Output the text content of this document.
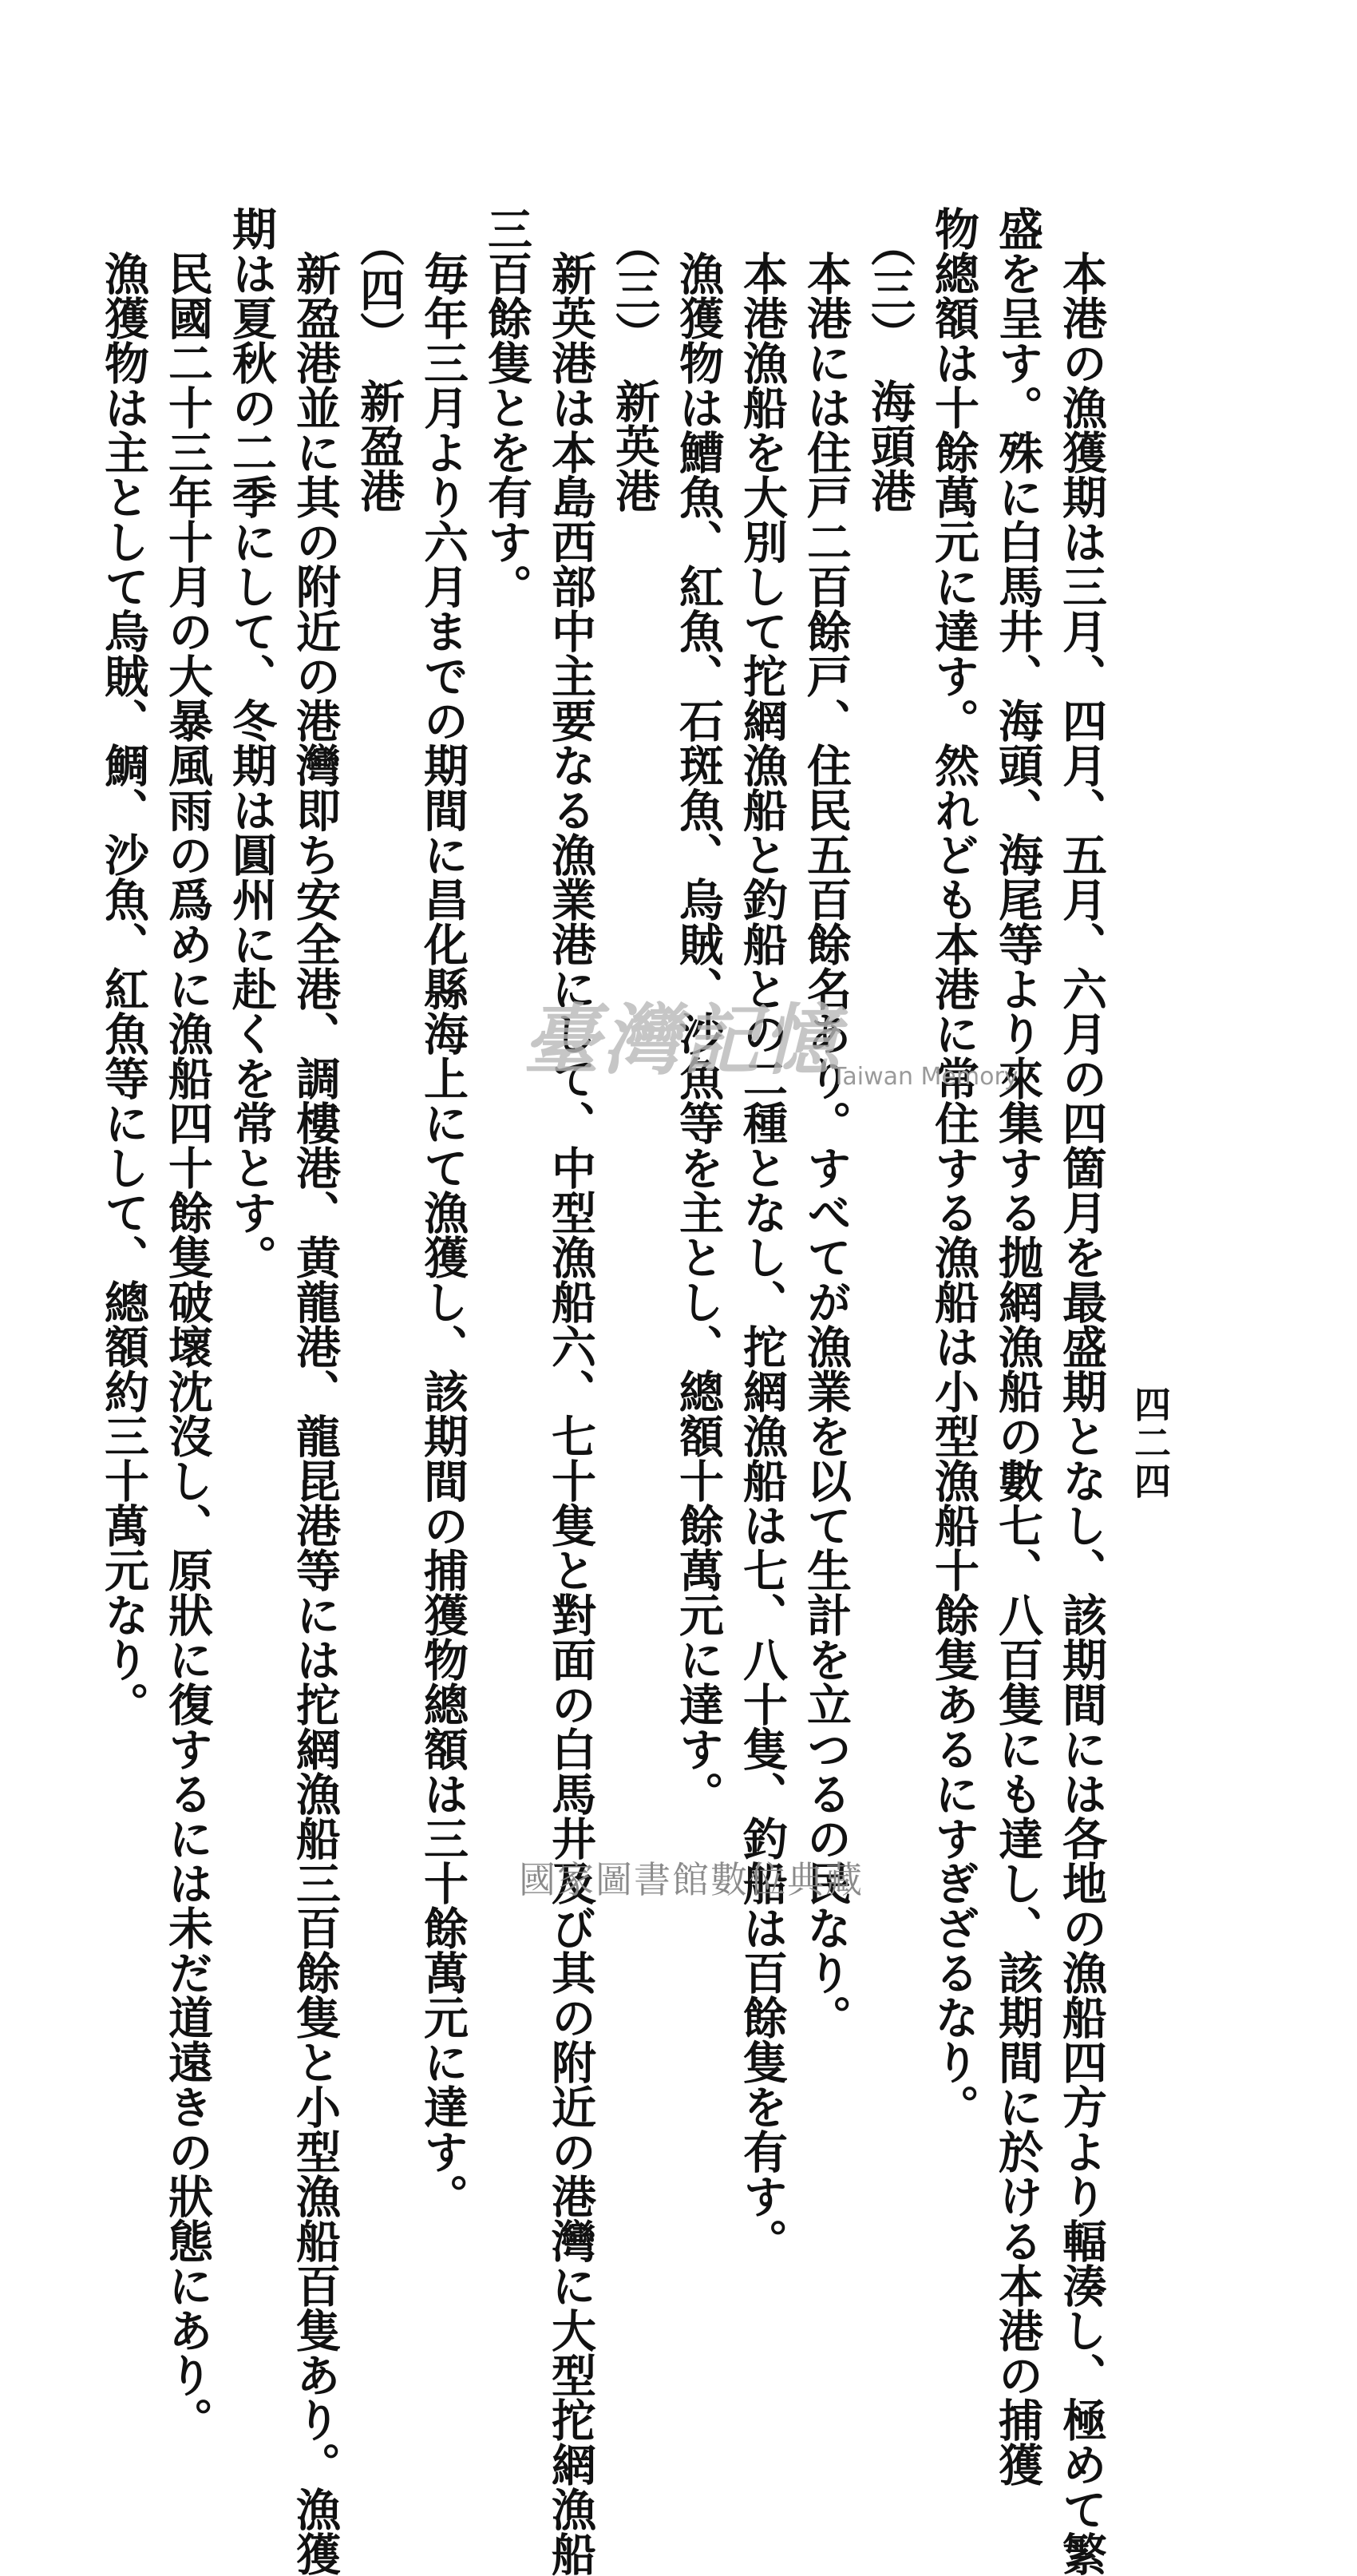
四二四
本港の漁獲期は三月、四月、五月、六月の四箇月を最盛期となし、該期間には各地の漁船四方より輻湊し、極めて繁
盛を呈す。殊に白馬井、海頭、海尾等より來集する抛網漁船の數七、八百隻にも達し、該期間に於ける本港の捕獲
物總額は十餘萬元に達す。然れども本港に常住する漁船は小型漁船十餘隻あるにすぎざるなり。
（三）　海頭港
本港には住戸二百餘戸、住民五百餘名あり。すべてが漁業を以て生計を立つるの民なり。
本港漁船を大別して拕網漁船と釣船との二種となし、拕網漁船は七、八十隻、釣船は百餘隻を有す。
漁獲物は鰽魚、紅魚、石斑魚、烏賊、沙魚等を主とし、總額十餘萬元に達す。
（三）　新英港
新英港は本島西部中主要なる漁業港にして、中型漁船六、七十隻と對面の白馬井及び其の附近の港灣に大型拕網漁船
三百餘隻とを有す。
毎年三月より六月までの期間に昌化縣海上にて漁獲し、該期間の捕獲物總額は三十餘萬元に達す。
（四）　新盈港
新盈港並に其の附近の港灣即ち安全港、調樓港、黄龍港、龍昆港等には拕網漁船三百餘隻と小型漁船百隻あり。漁獲
期は夏秋の二季にして、冬期は圓州に赴くを常とす。
民國二十三年十月の大暴風雨の爲めに漁船四十餘隻破壞沈沒し、原狀に復するには未だ道遠きの狀態にあり。
漁獲物は主として烏賊、鯛、沙魚、紅魚等にして、總額約三十萬元なり。	臺灣記憶
Taiwan Memory
國家圖書館數位典藏
